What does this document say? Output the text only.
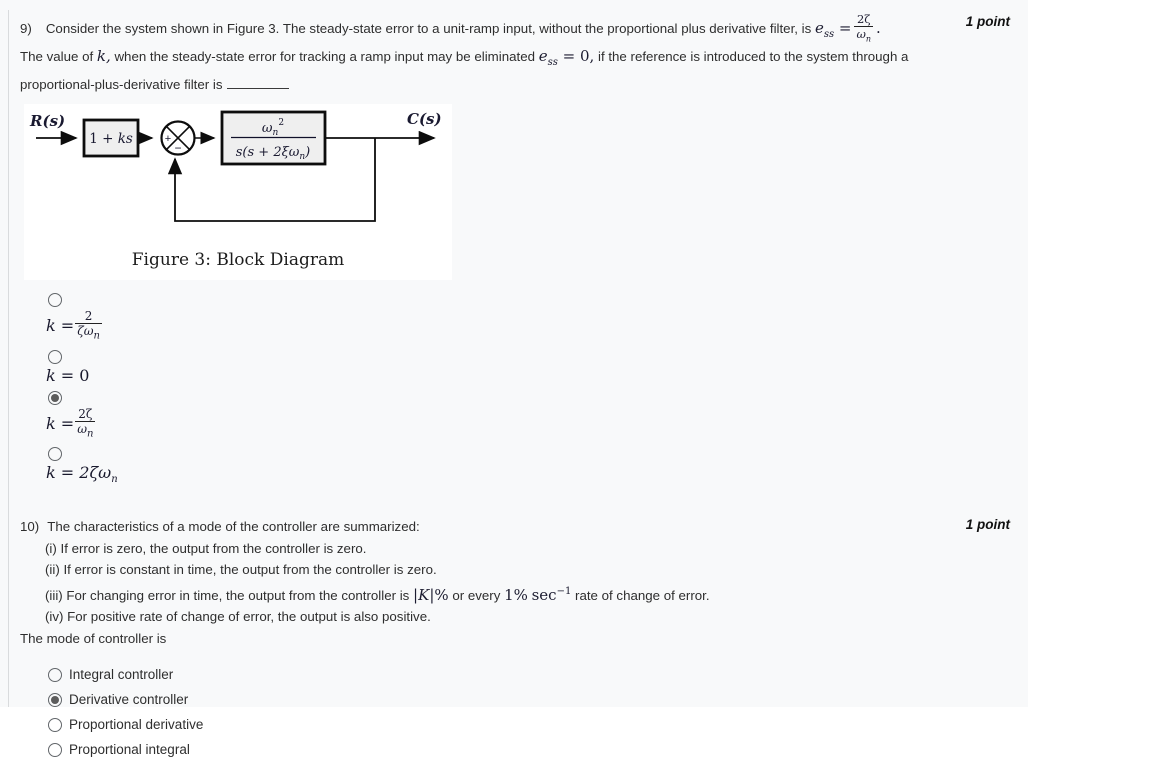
1 point
9) Consider the system shown in Figure 3. The steady-state error to a unit-ramp input, without the proportional plus derivative filter, is $e_{ss} = \frac{2\zeta}{\omega_n}$ .
The value of k, when the steady-state error for tracking a ramp input may be eliminated $e_{ss} = 0$, if the reference is introduced to the system through a
proportional-plus-derivative filter is
R(s)
1 + ks	+
−
$\omega_n^2$
$s(s + 2\xi\omega_n)$
C(s)
Figure 3: Block Diagram
k =
2
$\zeta\omega_n$
k = 0
$k = \frac{2\zeta}{\omega_n}$
$k = 2\zeta\omega_n$
1 point
10) The characteristics of a mode of the controller are summarized:
(i) If error is zero, the output from the controller is zero.
(ii) If error is constant in time, the output from the controller is zero.
(iii) For changing error in time, the output from the controller is |K|% or every 1% $\sec^{-1}$ rate of change of error.
(iv) For positive rate of change of error, the output is also positive.
The mode of controller is
Integral controller
Derivative controller
Proportional derivative
Proportional integral
